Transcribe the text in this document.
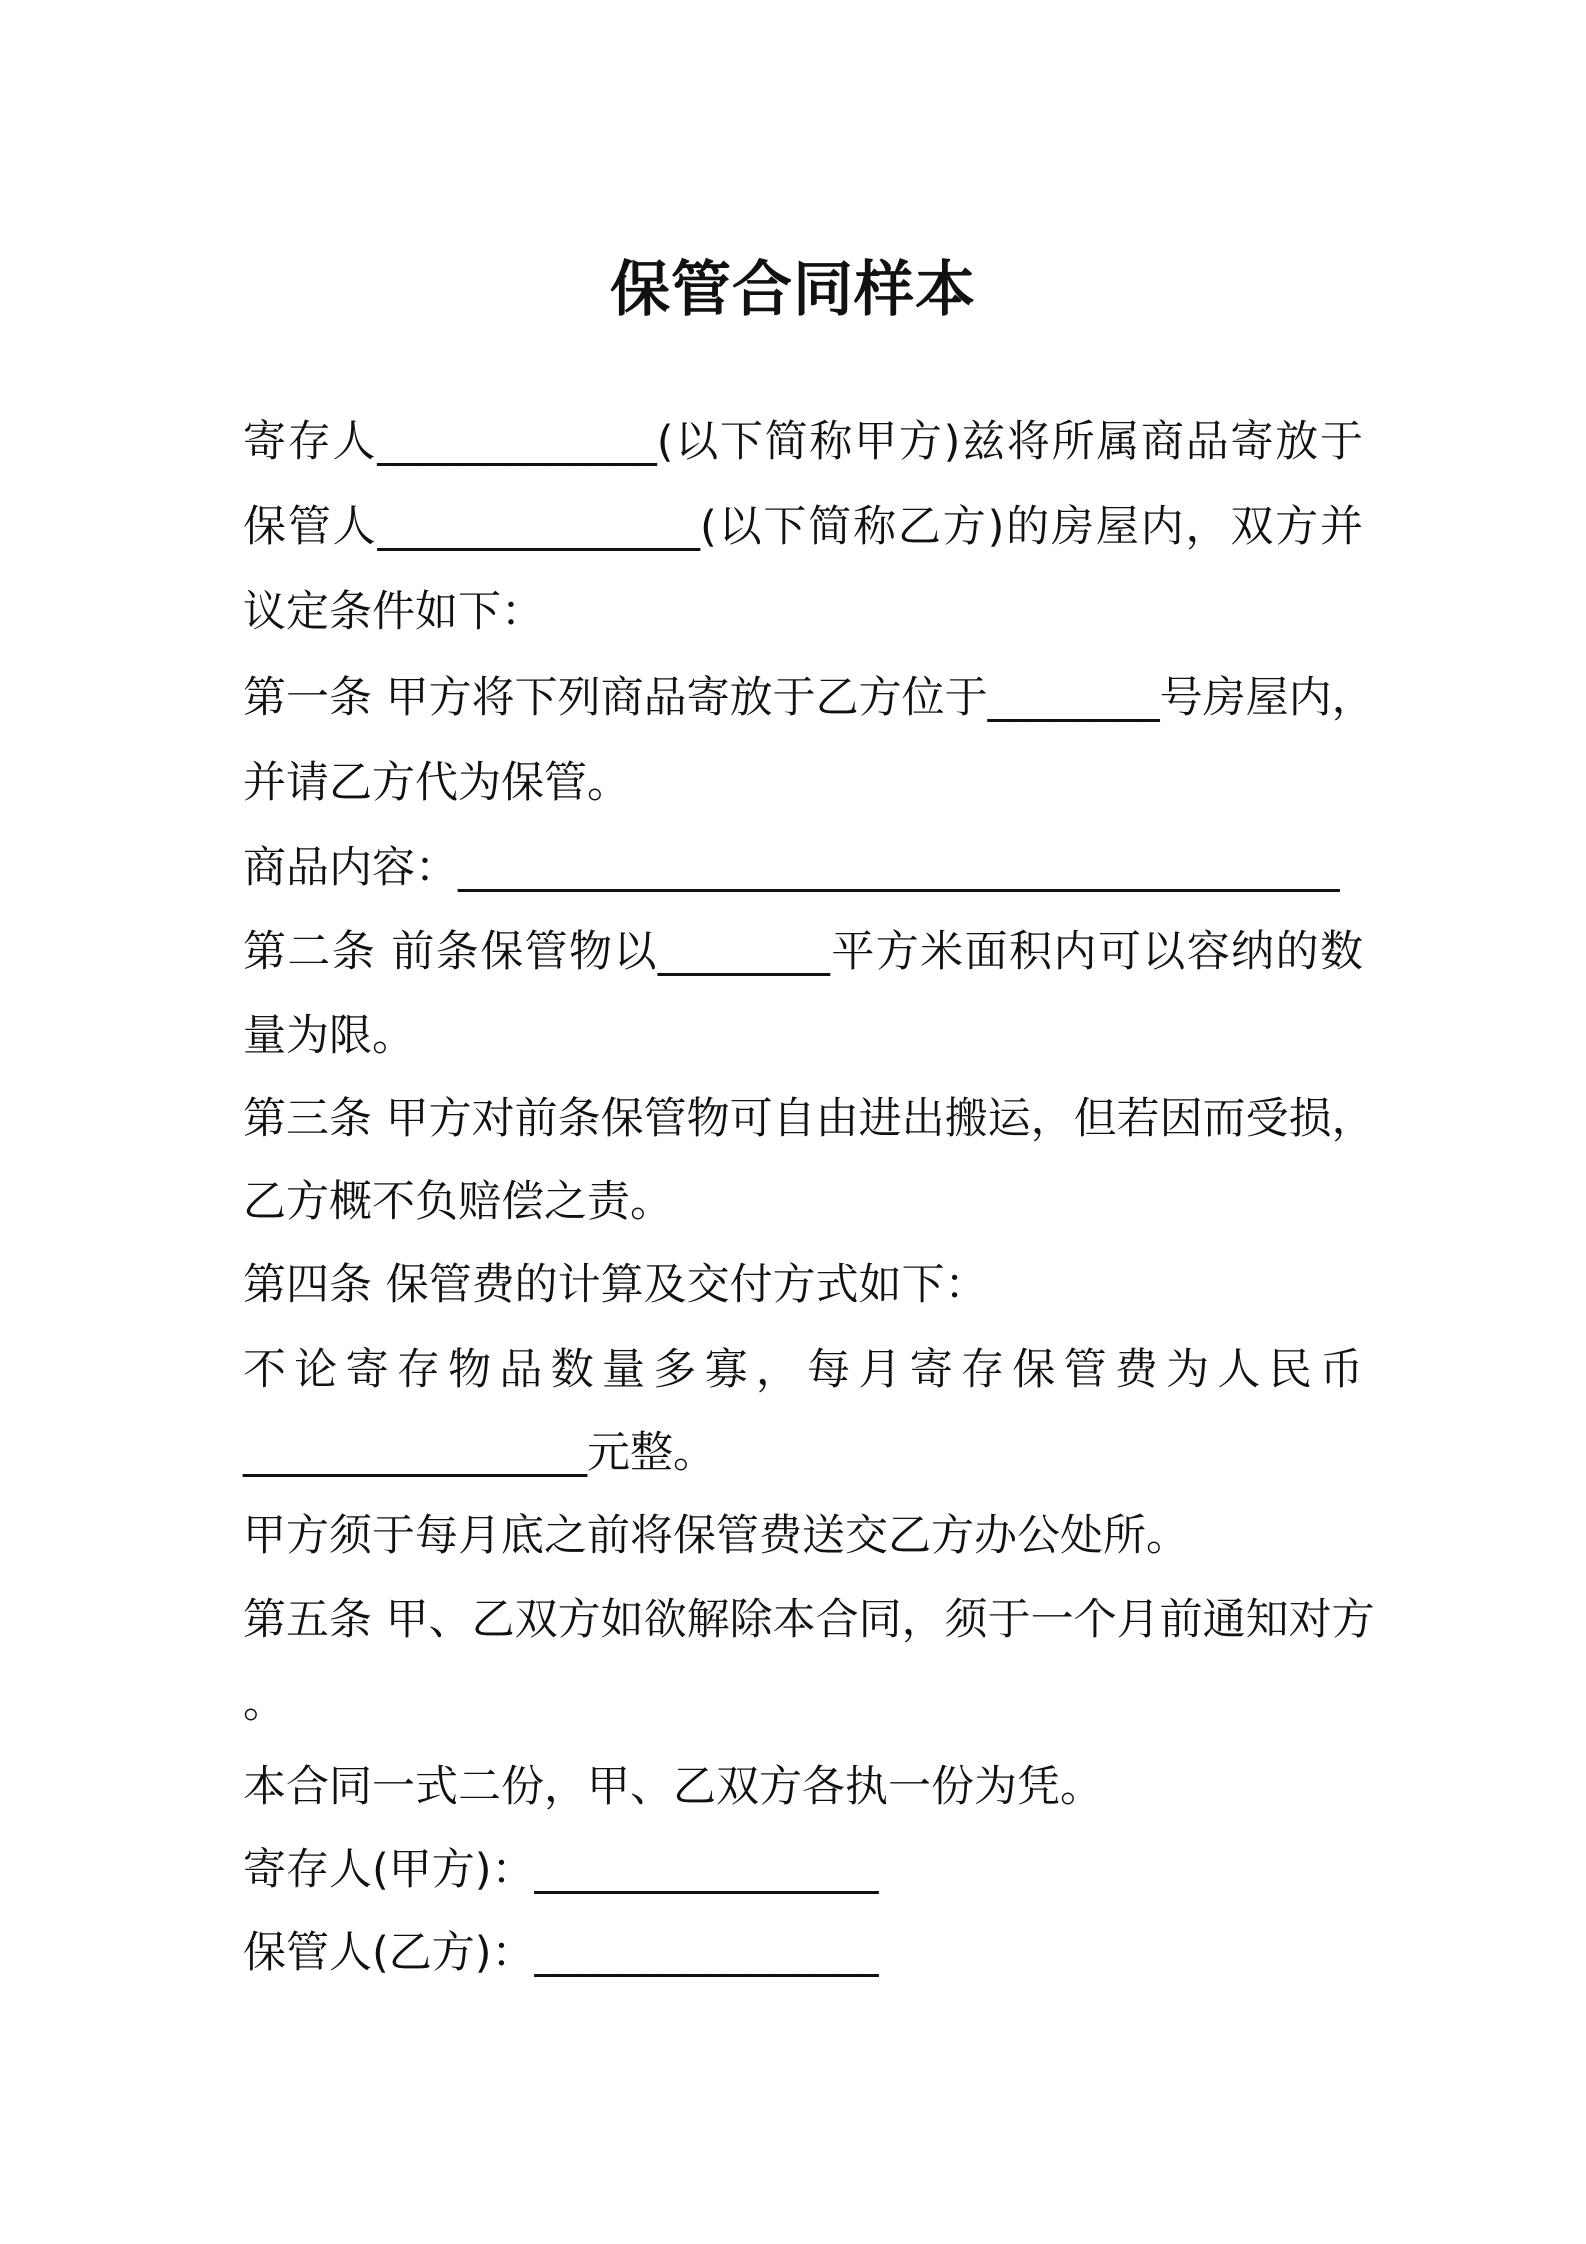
保管合同样本
寄存人_____________(以下简称甲方)兹将所属商品寄放于
保管人_______________(以下简称乙方)的房屋内，双方并
议定条件如下：
第一条 甲方将下列商品寄放于乙方位于________号房屋内，
并请乙方代为保管。
商品内容：_________________________________________
第二条 前条保管物以________平方米面积内可以容纳的数
量为限。
第三条 甲方对前条保管物可自由进出搬运，但若因而受损，
乙方概不负赔偿之责。
第四条 保管费的计算及交付方式如下：
不论寄存物品数量多寡，每月寄存保管费为人民币
________________元整。
甲方须于每月底之前将保管费送交乙方办公处所。
第五条 甲、乙双方如欲解除本合同，须于一个月前通知对方
。
本合同一式二份，甲、乙双方各执一份为凭。
寄存人(甲方)：________________
保管人(乙方)：________________
